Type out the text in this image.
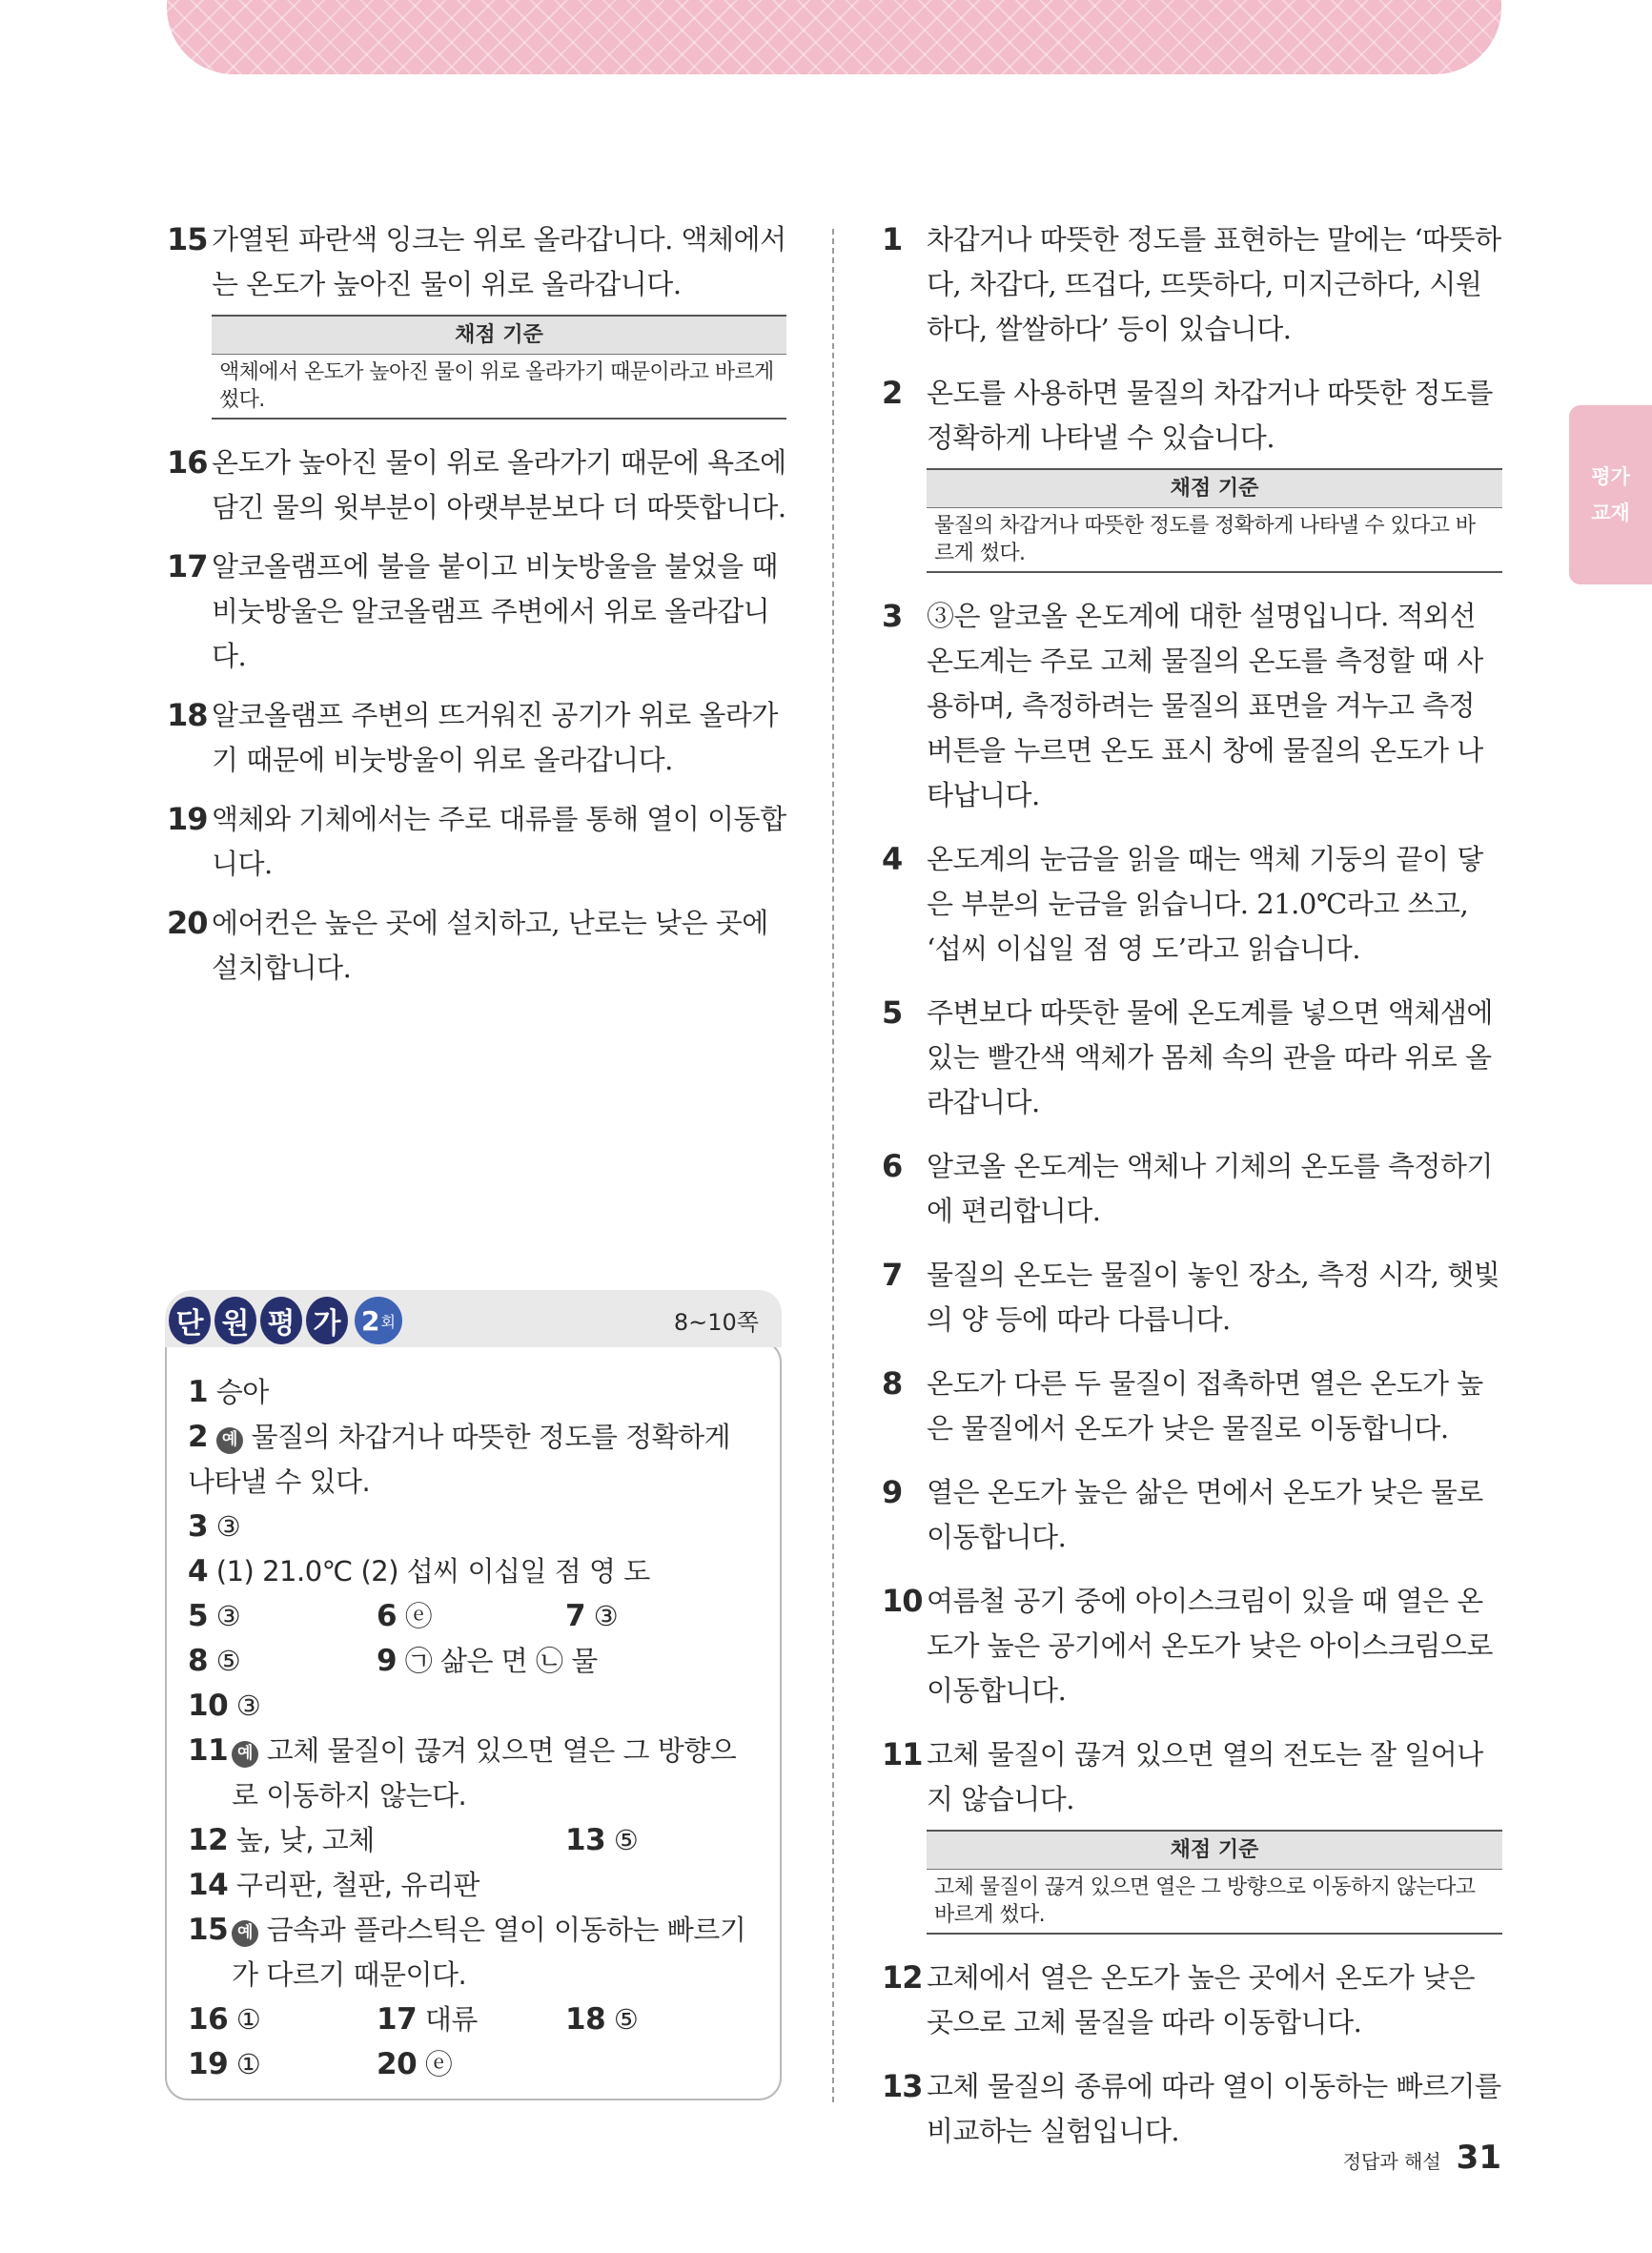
평가
교재
15 가열된 파란색 잉크는 위로 올라갑니다. 액체에서는 온도가 높아진 물이 위로 올라갑니다.
채점 기준
액체에서 온도가 높아진 물이 위로 올라가기 때문이라고 바르게 썼다.
16 온도가 높아진 물이 위로 올라가기 때문에 욕조에 담긴 물의 윗부분이 아랫부분보다 더 따뜻합니다.
17 알코올램프에 불을 붙이고 비눗방울을 불었을 때 비눗방울은 알코올램프 주변에서 위로 올라갑니다.
18 알코올램프 주변의 뜨거워진 공기가 위로 올라가기 때문에 비눗방울이 위로 올라갑니다.
19 액체와 기체에서는 주로 대류를 통해 열이 이동합니다.
20 에어컨은 높은 곳에 설치하고, 난로는 낮은 곳에 설치합니다.
1 승아
2 예 물질의 차갑거나 따뜻한 정도를 정확하게 나타낼 수 있다.
3 ③
4 (1) 21.0℃ (2) 섭씨 이십일 점 영 도
5 ③	6 ⓔ	7 ③
8 ⑤	9 ㉠ 삶은 면 ㉡ 물
10 ③
11 예 고체 물질이 끊겨 있으면 열은 그 방향으로 이동하지 않는다.
12 높, 낮, 고체	13 ⑤
14 구리판, 철판, 유리판
15 예 금속과 플라스틱은 열이 이동하는 빠르기가 다르기 때문이다.
16 ①	17 대류	18 ⑤
19 ①	20 ⓔ
단 원 평 가 2 회	8~10쪽
1 차갑거나 따뜻한 정도를 표현하는 말에는 ‘따뜻하다, 차갑다, 뜨겁다, 뜨뜻하다, 미지근하다, 시원하다, 쌀쌀하다’ 등이 있습니다.
2 온도를 사용하면 물질의 차갑거나 따뜻한 정도를 정확하게 나타낼 수 있습니다.
채점 기준
물질의 차갑거나 따뜻한 정도를 정확하게 나타낼 수 있다고 바르게 썼다.
3 ③은 알코올 온도계에 대한 설명입니다. 적외선 온도계는 주로 고체 물질의 온도를 측정할 때 사용하며, 측정하려는 물질의 표면을 겨누고 측정 버튼을 누르면 온도 표시 창에 물질의 온도가 나타납니다.
4 온도계의 눈금을 읽을 때는 액체 기둥의 끝이 닿은 부분의 눈금을 읽습니다. 21.0℃라고 쓰고, ‘섭씨 이십일 점 영 도’라고 읽습니다.
5 주변보다 따뜻한 물에 온도계를 넣으면 액체샘에 있는 빨간색 액체가 몸체 속의 관을 따라 위로 올라갑니다.
6 알코올 온도계는 액체나 기체의 온도를 측정하기에 편리합니다.
7 물질의 온도는 물질이 놓인 장소, 측정 시각, 햇빛의 양 등에 따라 다릅니다.
8 온도가 다른 두 물질이 접촉하면 열은 온도가 높은 물질에서 온도가 낮은 물질로 이동합니다.
9 열은 온도가 높은 삶은 면에서 온도가 낮은 물로 이동합니다.
10 여름철 공기 중에 아이스크림이 있을 때 열은 온도가 높은 공기에서 온도가 낮은 아이스크림으로 이동합니다.
11 고체 물질이 끊겨 있으면 열의 전도는 잘 일어나지 않습니다.
채점 기준
고체 물질이 끊겨 있으면 열은 그 방향으로 이동하지 않는다고 바르게 썼다.
12 고체에서 열은 온도가 높은 곳에서 온도가 낮은 곳으로 고체 물질을 따라 이동합니다.
13 고체 물질의 종류에 따라 열이 이동하는 빠르기를 비교하는 실험입니다.
정답과 해설 31
